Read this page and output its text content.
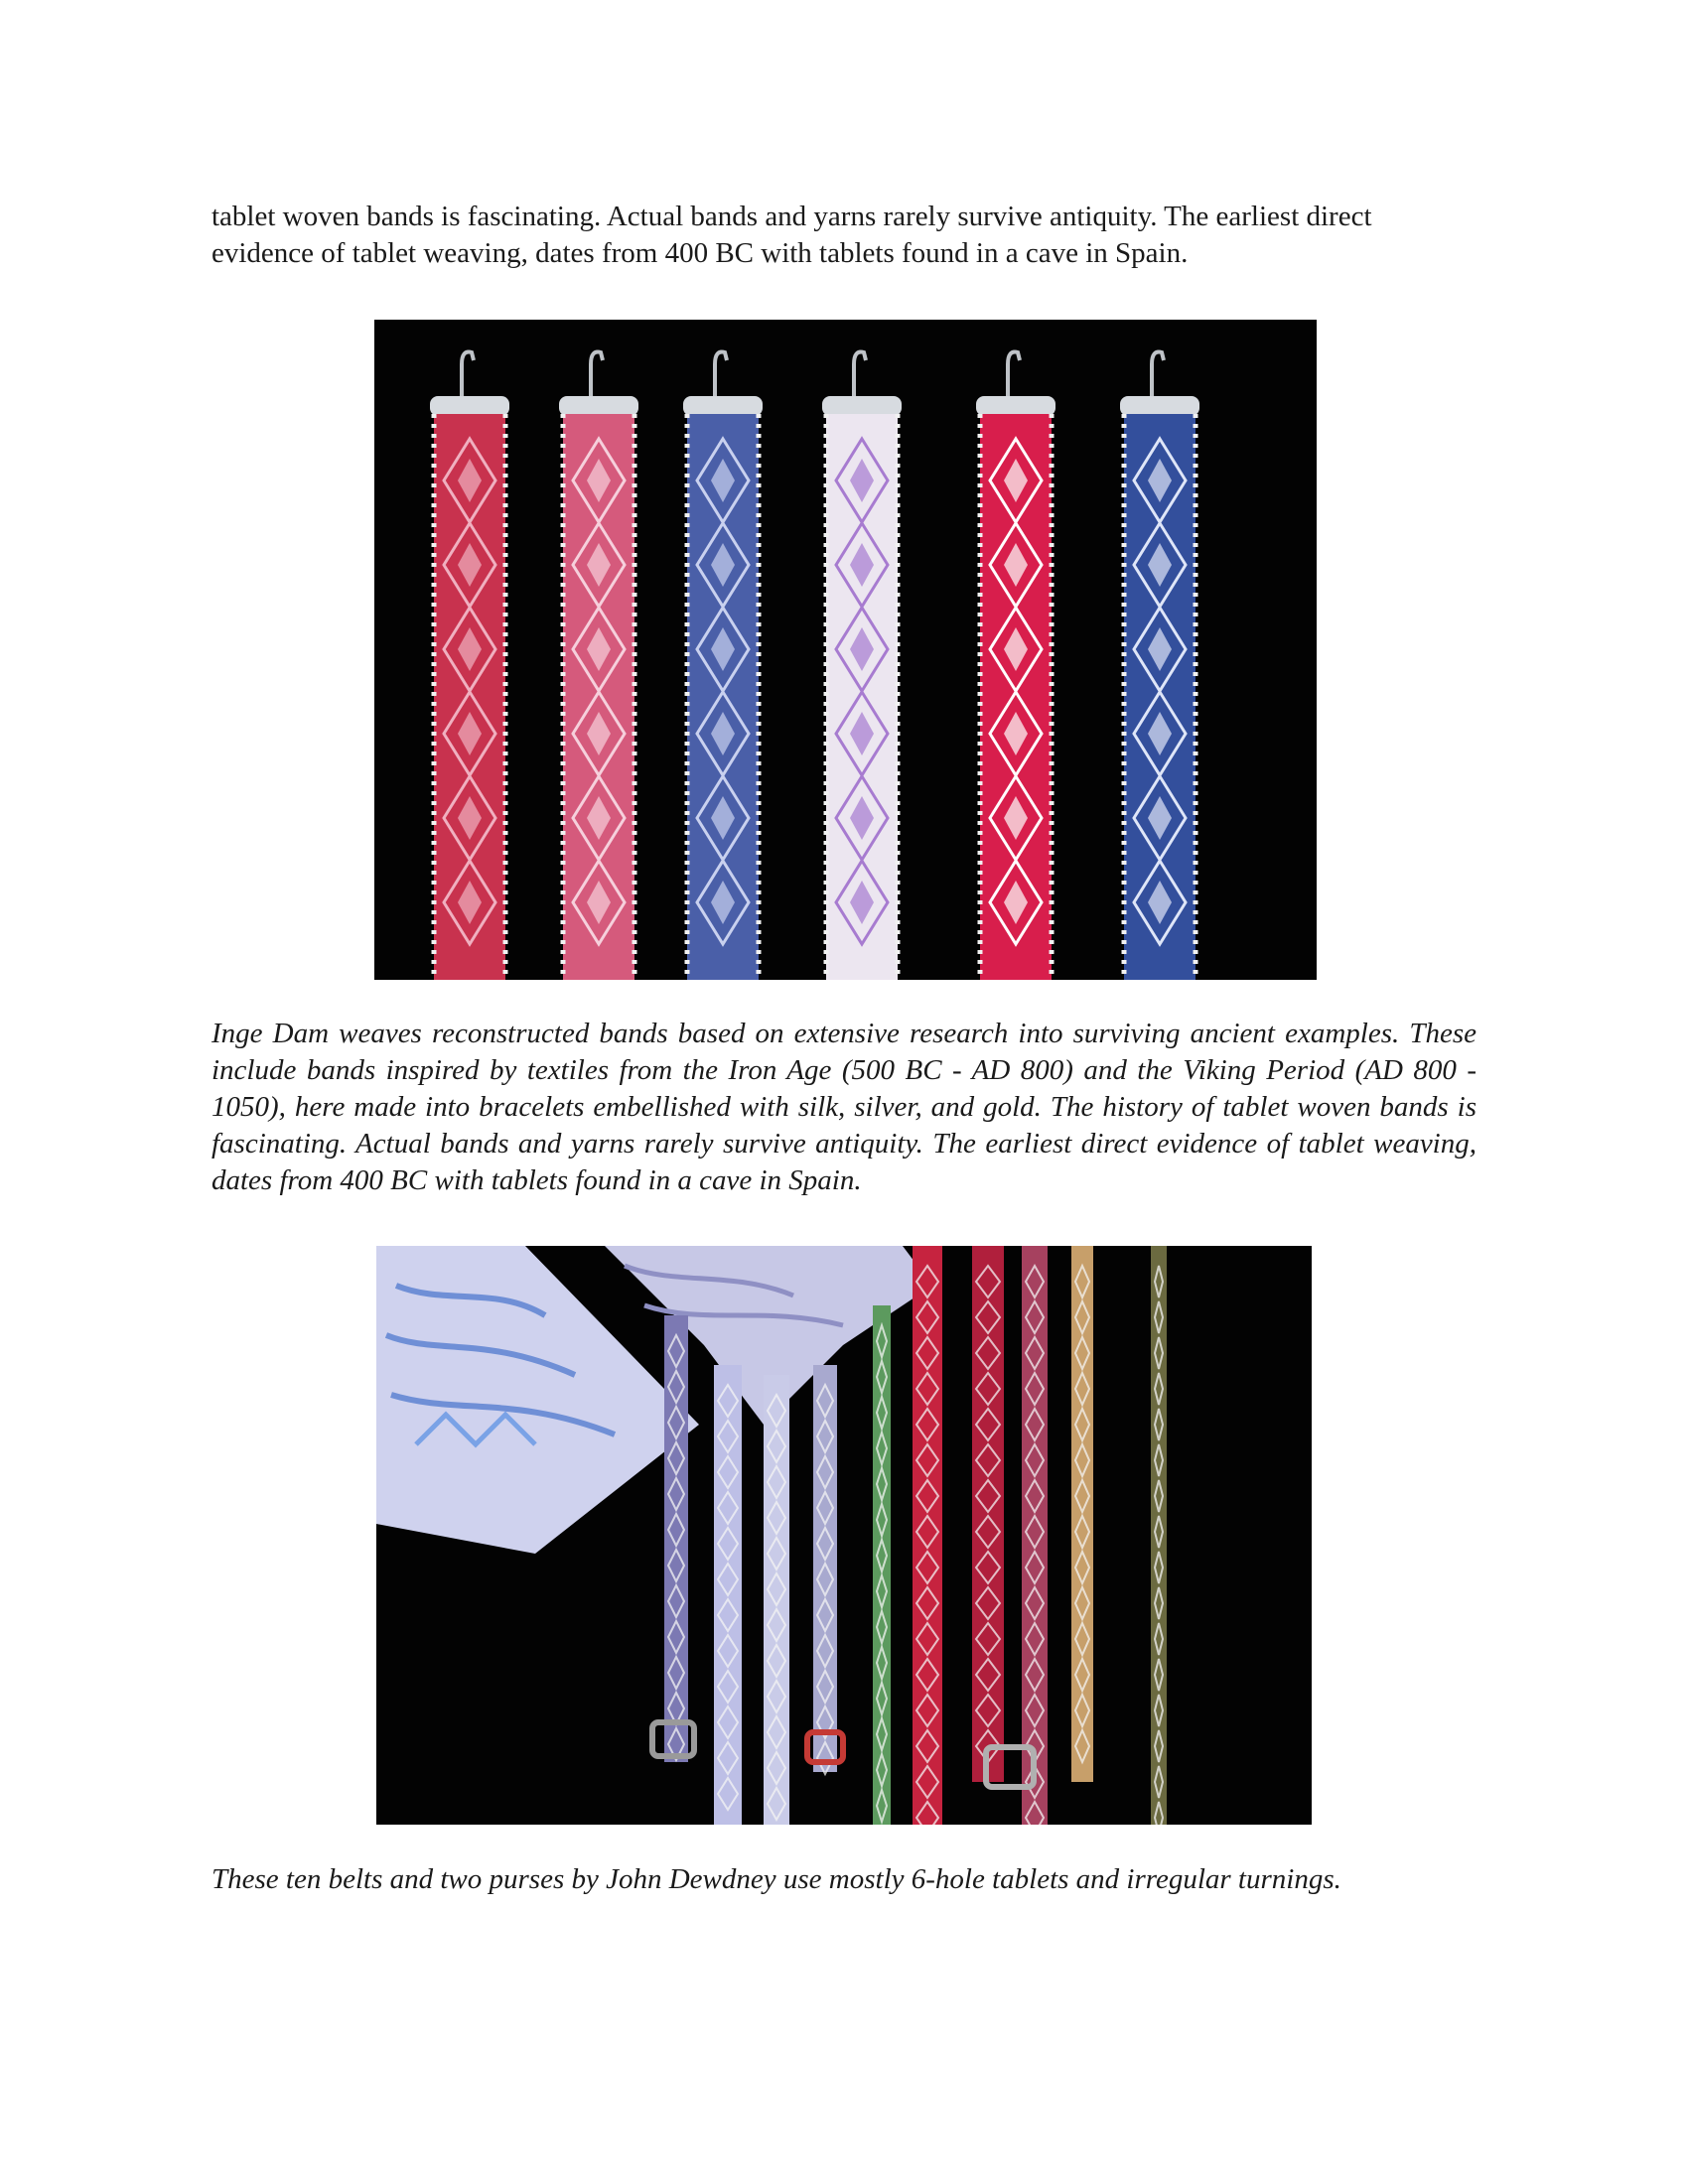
tablet woven bands is fascinating. Actual bands and yarns rarely survive antiquity. The earliest direct evidence of tablet weaving, dates from 400 BC with tablets found in a cave in Spain.

Inge Dam weaves reconstructed bands based on extensive research into surviving ancient examples. These include bands inspired by textiles from the Iron Age (500 BC - AD 800) and the Viking Period (AD 800 - 1050), here made into bracelets embellished with silk, silver, and gold. The history of tablet woven bands is fascinating. Actual bands and yarns rarely survive antiquity. The earliest direct evidence of tablet weaving, dates from 400 BC with tablets found in a cave in Spain.

These ten belts and two purses by John Dewdney use mostly 6-hole tablets and irregular turnings.
